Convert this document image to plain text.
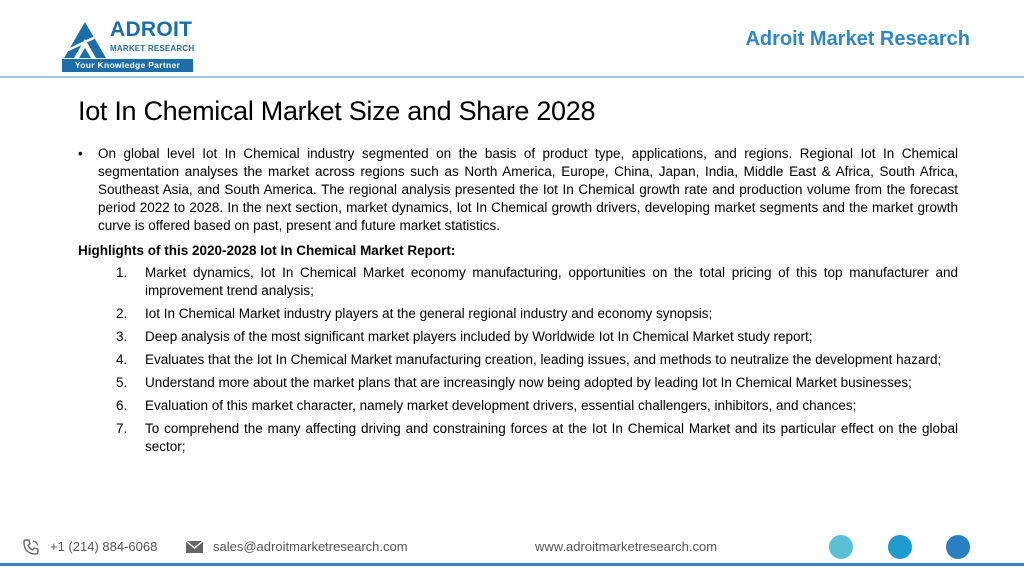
ADROIT
MARKET RESEARCH
Your Knowledge Partner
Adroit Market Research
Iot In Chemical Market Size and Share 2028

• On global level Iot In Chemical industry segmented on the basis of product type, applications, and regions. Regional Iot In Chemical segmentation analyses the market across regions such as North America, Europe, China, Japan, India, Middle East & Africa, South Africa, Southeast Asia, and South America. The regional analysis presented the Iot In Chemical growth rate and production volume from the forecast period 2022 to 2028. In the next section, market dynamics, Iot In Chemical growth drivers, developing market segments and the market growth curve is offered based on past, present and future market statistics.

Highlights of this 2020-2028 Iot In Chemical Market Report:

1. Market dynamics, Iot In Chemical Market economy manufacturing, opportunities on the total pricing of this top manufacturer and improvement trend analysis;
2. Iot In Chemical Market industry players at the general regional industry and economy synopsis;
3. Deep analysis of the most significant market players included by Worldwide Iot In Chemical Market study report;
4. Evaluates that the Iot In Chemical Market manufacturing creation, leading issues, and methods to neutralize the development hazard;
5. Understand more about the market plans that are increasingly now being adopted by leading Iot In Chemical Market businesses;
6. Evaluation of this market character, namely market development drivers, essential challengers, inhibitors, and chances;
7. To comprehend the many affecting driving and constraining forces at the Iot In Chemical Market and its particular effect on the global sector;
+1 (214) 884-6068	sales@adroitmarketresearch.com	www.adroitmarketresearch.com
